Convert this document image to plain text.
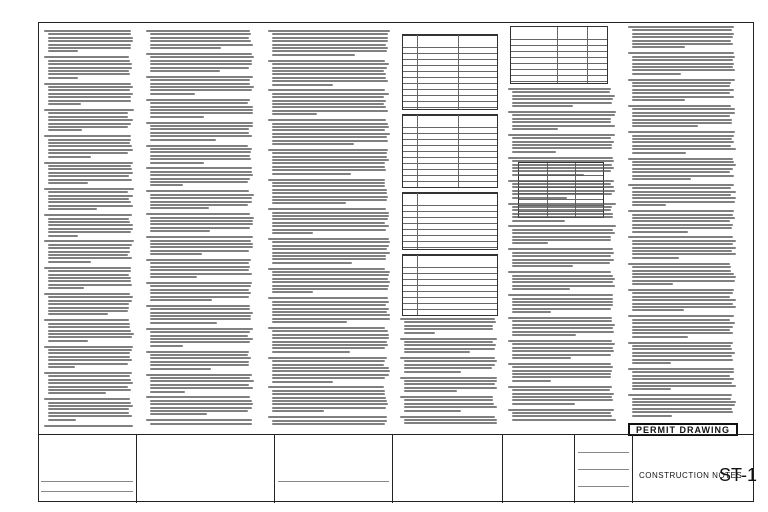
PERMIT DRAWING
CONSTRUCTION NOTES
ST-1
